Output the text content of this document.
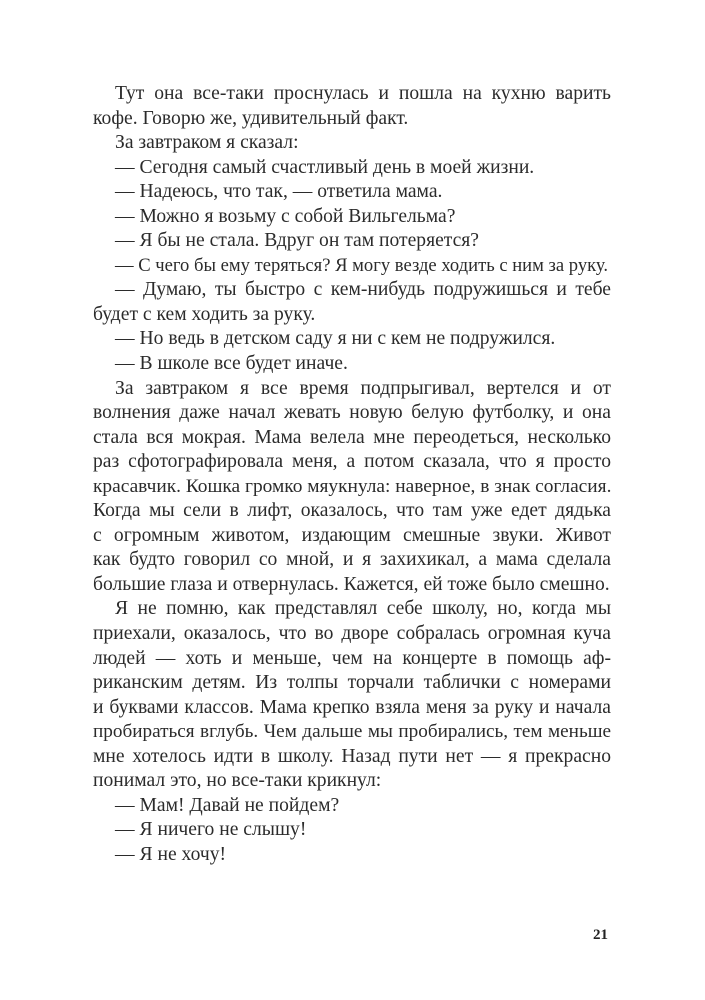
Тут она все-таки проснулась и пошла на кухню варить
кофе. Говорю же, удивительный факт.
За завтраком я сказал:
— Сегодня самый счастливый день в моей жизни.
— Надеюсь, что так, — ответила мама.
— Можно я возьму с собой Вильгельма?
— Я бы не стала. Вдруг он там потеряется?
— С чего бы ему теряться? Я могу везде ходить с ним за руку.
— Думаю, ты быстро с кем-нибудь подружишься и тебе
будет с кем ходить за руку.
— Но ведь в детском саду я ни с кем не подружился.
— В школе все будет иначе.
За завтраком я все время подпрыгивал, вертелся и от
волнения даже начал жевать новую белую футболку, и она
стала вся мокрая. Мама велела мне переодеться, несколько
раз сфотографировала меня, а потом сказала, что я просто
красавчик. Кошка громко мяукнула: наверное, в знак согласия.
Когда мы сели в лифт, оказалось, что там уже едет дядька
с огромным животом, издающим смешные звуки. Живот
как будто говорил со мной, и я захихикал, а мама сделала
большие глаза и отвернулась. Кажется, ей тоже было смешно.
Я не помню, как представлял себе школу, но, когда мы
приехали, оказалось, что во дворе собралась огромная куча
людей — хоть и меньше, чем на концерте в помощь аф-
риканским детям. Из толпы торчали таблички с номерами
и буквами классов. Мама крепко взяла меня за руку и начала
пробираться вглубь. Чем дальше мы пробирались, тем меньше
мне хотелось идти в школу. Назад пути нет — я прекрасно
понимал это, но все-таки крикнул:
— Мам! Давай не пойдем?
— Я ничего не слышу!
— Я не хочу!
21
